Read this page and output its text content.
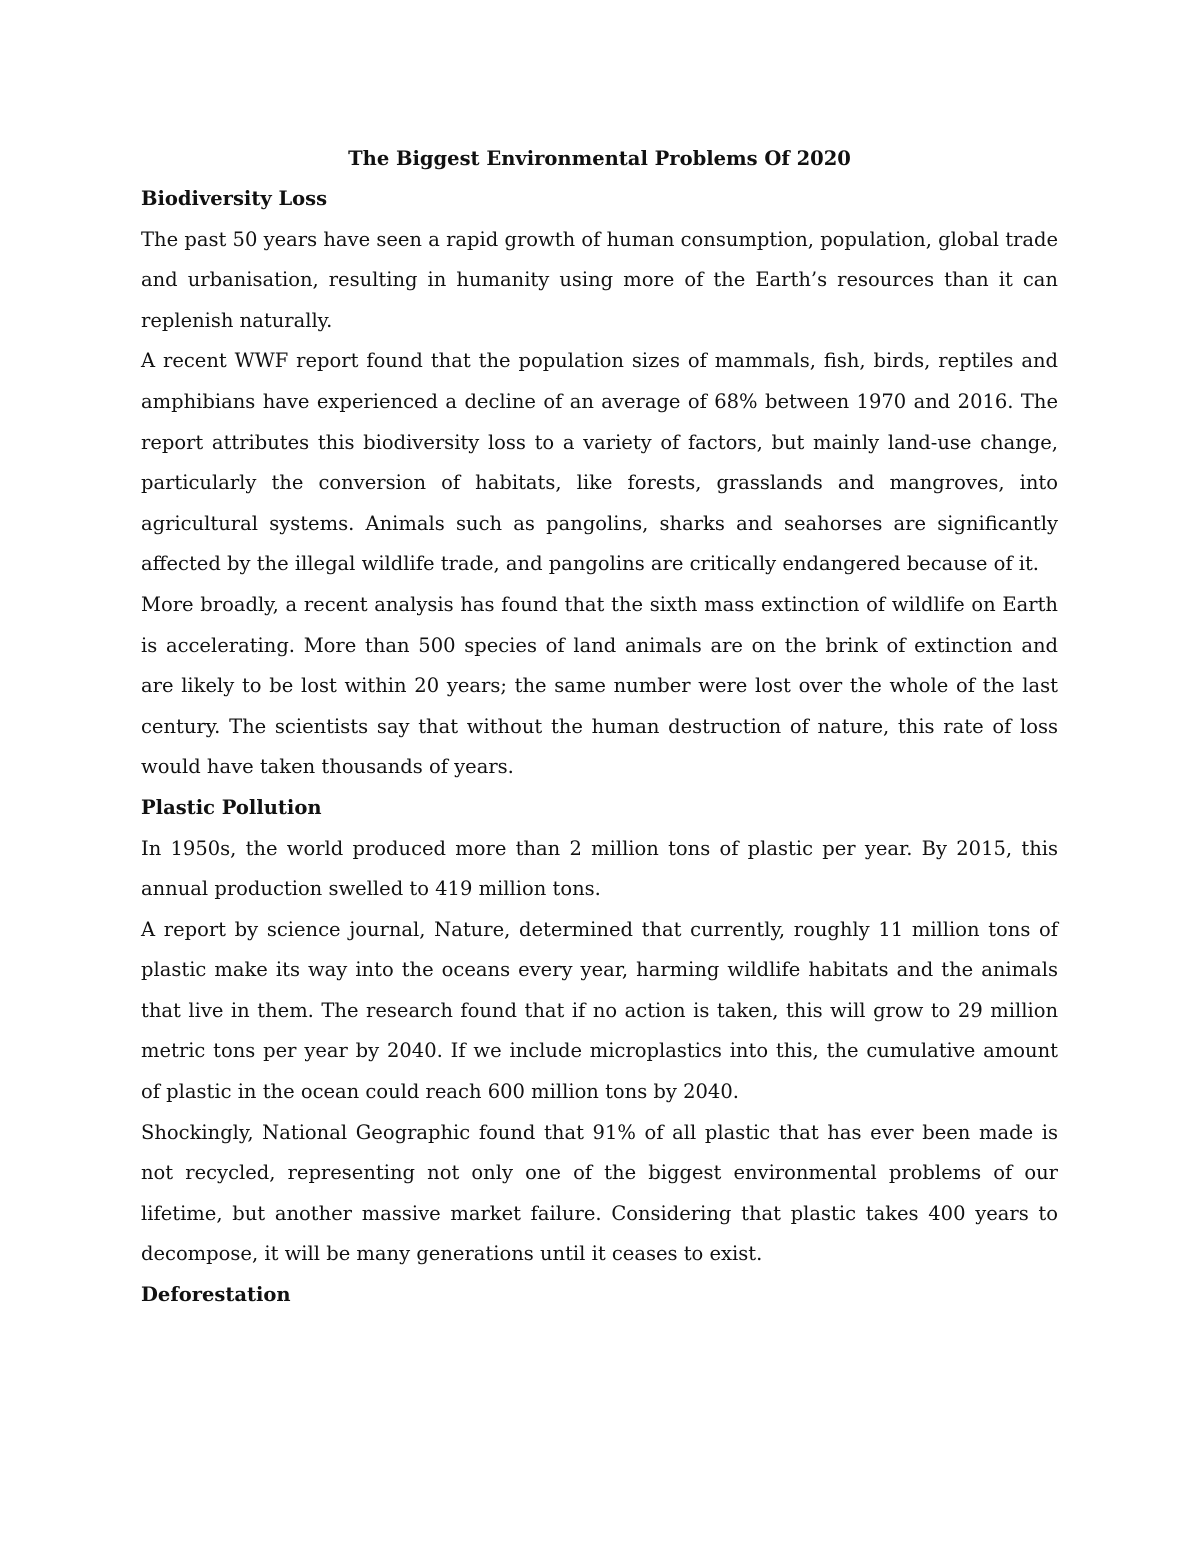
The Biggest Environmental Problems Of 2020

Biodiversity Loss

The past 50 years have seen a rapid growth of human consumption, population, global trade and urbanisation, resulting in humanity using more of the Earth’s resources than it can replenish naturally.

A recent WWF report found that the population sizes of mammals, fish, birds, reptiles and amphibians have experienced a decline of an average of 68% between 1970 and 2016. The report attributes this biodiversity loss to a variety of factors, but mainly land-use change, particularly the conversion of habitats, like forests, grasslands and mangroves, into agricultural systems. Animals such as pangolins, sharks and seahorses are significantly affected by the illegal wildlife trade, and pangolins are critically endangered because of it.

More broadly, a recent analysis has found that the sixth mass extinction of wildlife on Earth is accelerating. More than 500 species of land animals are on the brink of extinction and are likely to be lost within 20 years; the same number were lost over the whole of the last century. The scientists say that without the human destruction of nature, this rate of loss would have taken thousands of years.

Plastic Pollution

In 1950s, the world produced more than 2 million tons of plastic per year. By 2015, this annual production swelled to 419 million tons.

A report by science journal, Nature, determined that currently, roughly 11 million tons of plastic make its way into the oceans every year, harming wildlife habitats and the animals that live in them. The research found that if no action is taken, this will grow to 29 million metric tons per year by 2040. If we include microplastics into this, the cumulative amount of plastic in the ocean could reach 600 million tons by 2040.

Shockingly, National Geographic found that 91% of all plastic that has ever been made is not recycled, representing not only one of the biggest environmental problems of our lifetime, but another massive market failure. Considering that plastic takes 400 years to decompose, it will be many generations until it ceases to exist.

Deforestation
